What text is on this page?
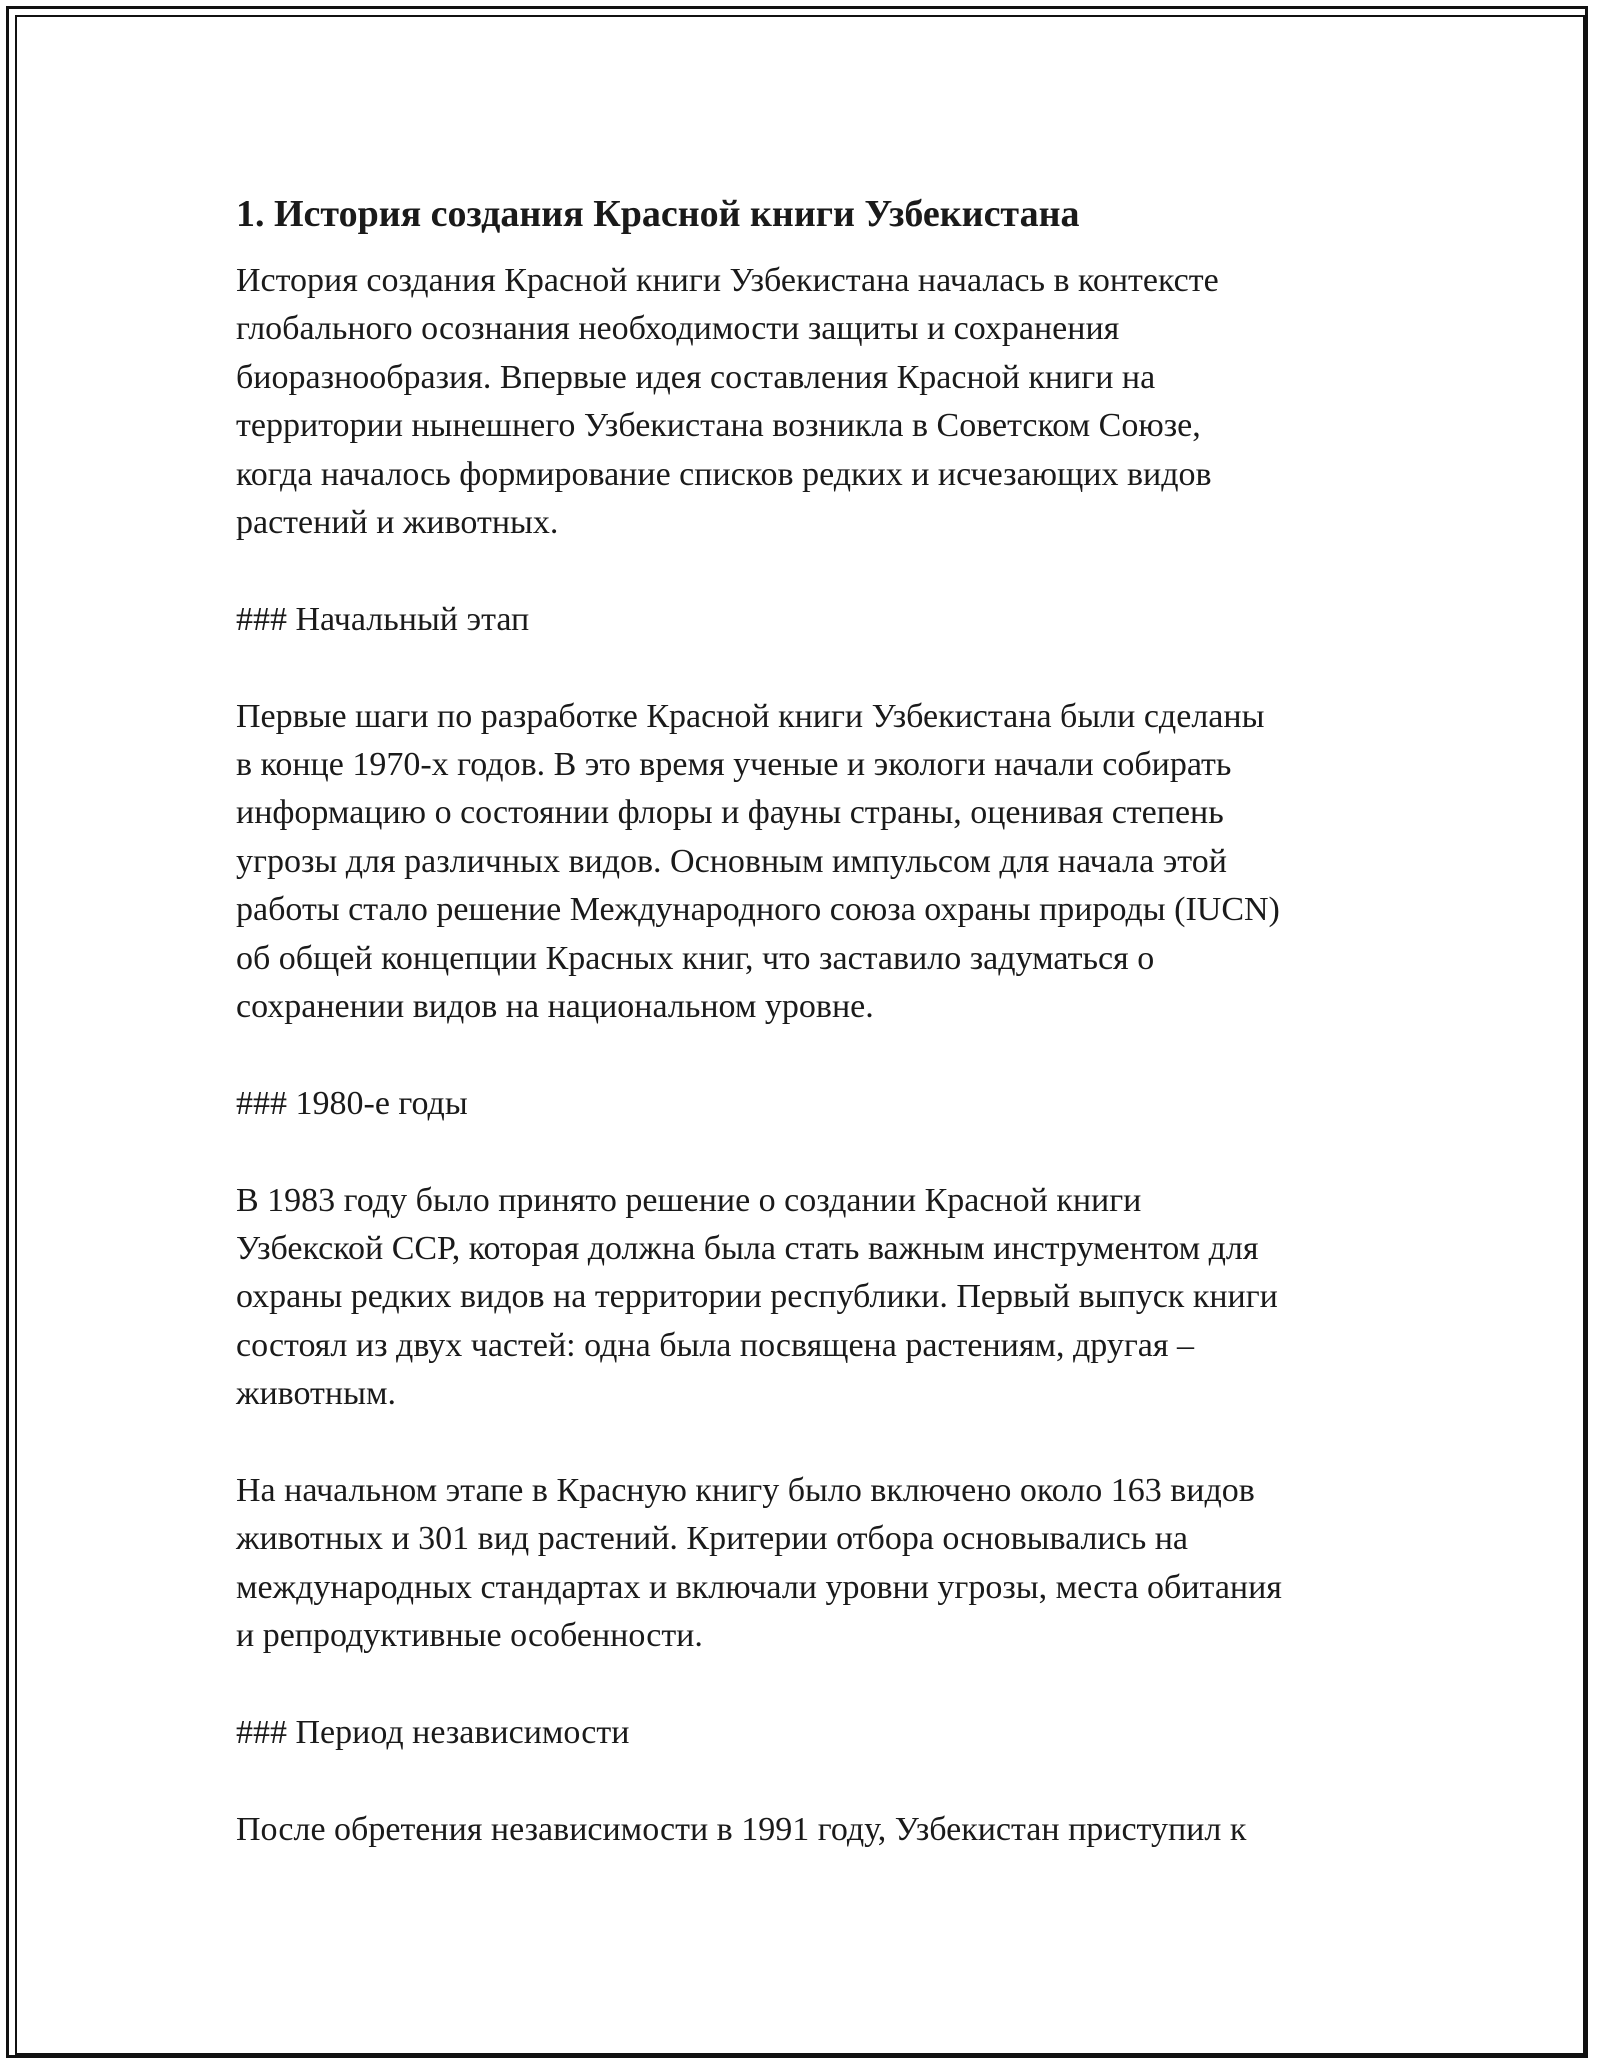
1. История создания Красной книги Узбекистана
История создания Красной книги Узбекистана началась в контексте
глобального осознания необходимости защиты и сохранения
биоразнообразия. Впервые идея составления Красной книги на
территории нынешнего Узбекистана возникла в Советском Союзе,
когда началось формирование списков редких и исчезающих видов
растений и животных.
### Начальный этап
Первые шаги по разработке Красной книги Узбекистана были сделаны
в конце 1970-х годов. В это время ученые и экологи начали собирать
информацию о состоянии флоры и фауны страны, оценивая степень
угрозы для различных видов. Основным импульсом для начала этой
работы стало решение Международного союза охраны природы (IUCN)
об общей концепции Красных книг, что заставило задуматься о
сохранении видов на национальном уровне.
### 1980-е годы
В 1983 году было принято решение о создании Красной книги
Узбекской ССР, которая должна была стать важным инструментом для
охраны редких видов на территории республики. Первый выпуск книги
состоял из двух частей: одна была посвящена растениям, другая –
животным.
На начальном этапе в Красную книгу было включено около 163 видов
животных и 301 вид растений. Критерии отбора основывались на
международных стандартах и включали уровни угрозы, места обитания
и репродуктивные особенности.
### Период независимости
После обретения независимости в 1991 году, Узбекистан приступил к
